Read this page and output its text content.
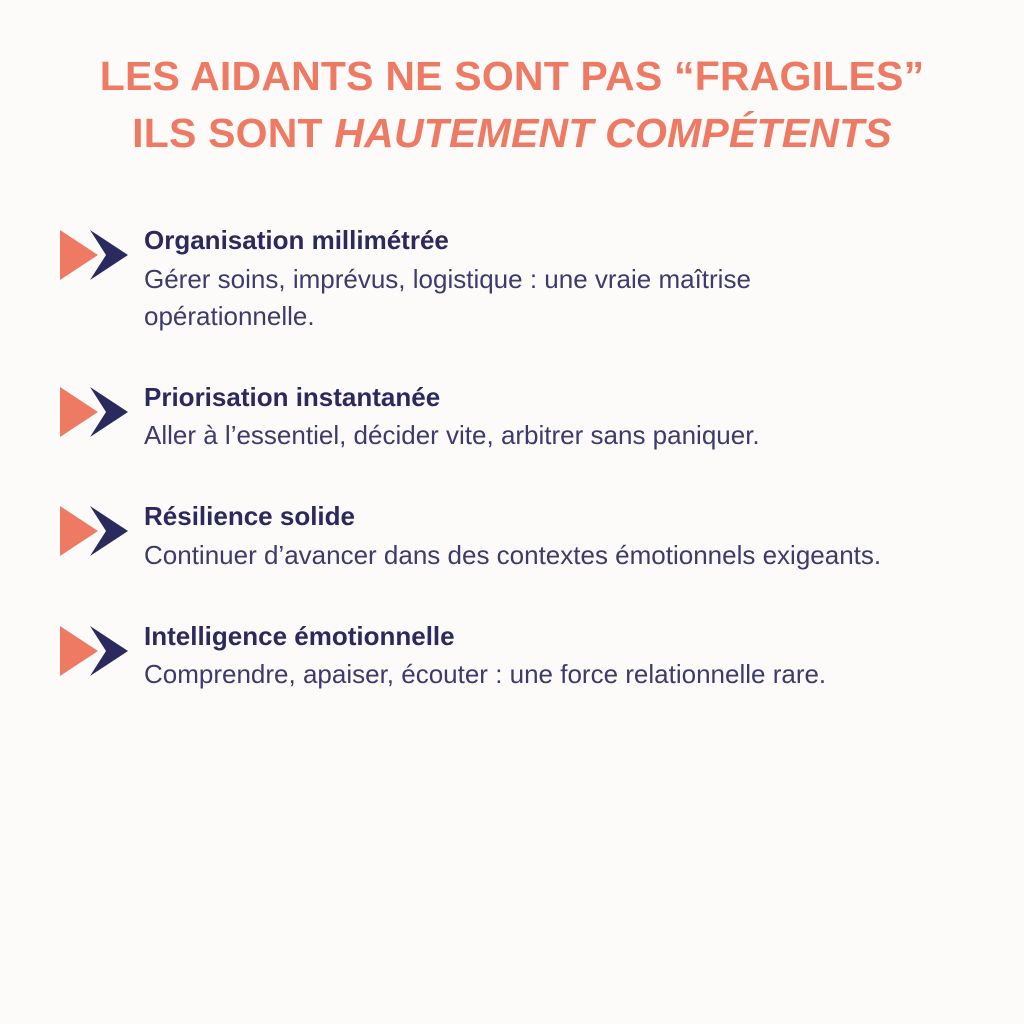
LES AIDANTS NE SONT PAS “FRAGILES”
ILS SONT HAUTEMENT COMPÉTENTS

Organisation millimétrée

Gérer soins, imprévus, logistique : une vraie maîtrise opérationnelle.

Priorisation instantanée

Aller à l’essentiel, décider vite, arbitrer sans paniquer.

Résilience solide

Continuer d’avancer dans des contextes émotionnels exigeants.

Intelligence émotionnelle

Comprendre, apaiser, écouter : une force relationnelle rare.
